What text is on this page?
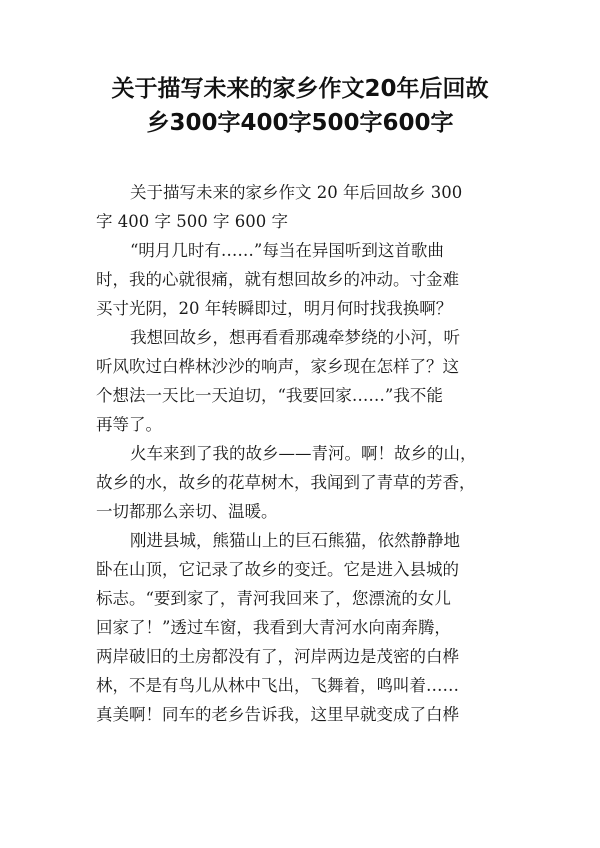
关于描写未来的家乡作文20年后回故
乡300字400字500字600字

关于描写未来的家乡作文 20 年后回故乡 300
字 400 字 500 字 600 字

“明月几时有……”每当在异国听到这首歌曲
时，我的心就很痛，就有想回故乡的冲动。寸金难
买寸光阴，20 年转瞬即过，明月何时找我换啊？

我想回故乡，想再看看那魂牵梦绕的小河，听
听风吹过白桦林沙沙的响声，家乡现在怎样了？这
个想法一天比一天迫切，“我要回家……”我不能
再等了。

火车来到了我的故乡——青河。啊！故乡的山，
故乡的水，故乡的花草树木，我闻到了青草的芳香，
一切都那么亲切、温暖。

刚进县城，熊猫山上的巨石熊猫，依然静静地
卧在山顶，它记录了故乡的变迁。它是进入县城的
标志。“要到家了，青河我回来了，您漂流的女儿
回家了！”透过车窗，我看到大青河水向南奔腾，
两岸破旧的土房都没有了，河岸两边是茂密的白桦
林，不是有鸟儿从林中飞出，飞舞着，鸣叫着……
真美啊！同车的老乡告诉我，这里早就变成了白桦
